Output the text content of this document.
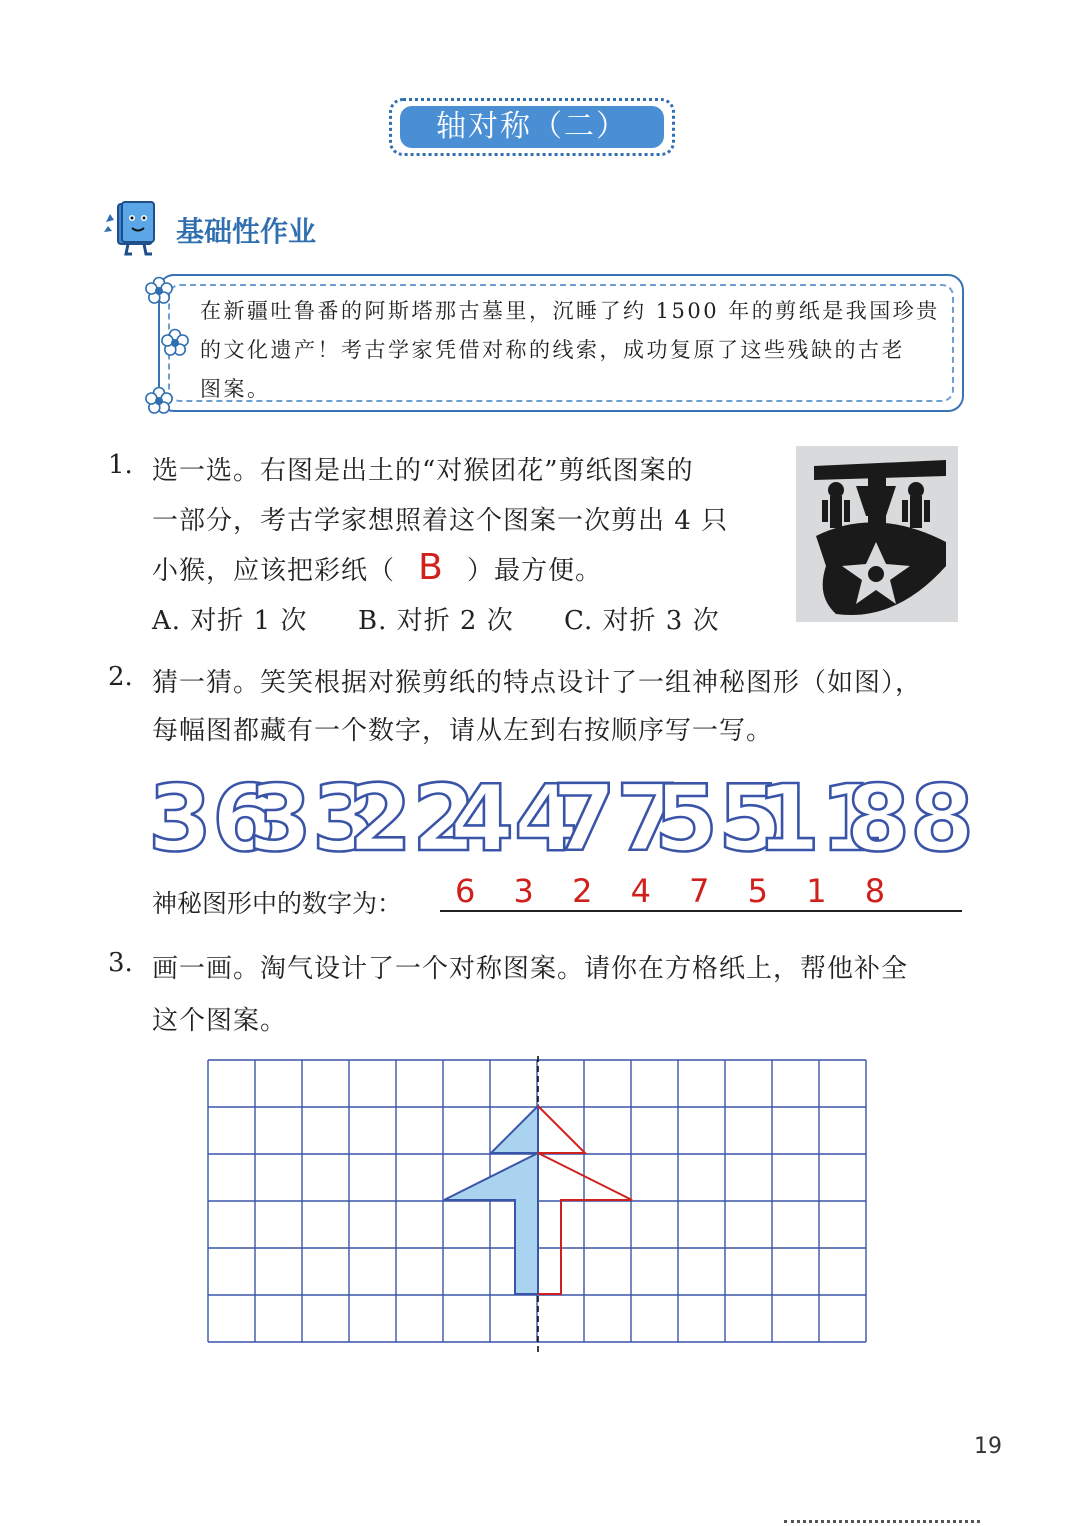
轴对称（二）
基础性作业
在新疆吐鲁番的阿斯塔那古墓里，沉睡了约 1500 年的剪纸是我国珍贵
的文化遗产！考古学家凭借对称的线索，成功复原了这些残缺的古老
图案。
1. 选一选。右图是出土的“对猴团花”剪纸图案的
一部分，考古学家想照着这个图案一次剪出 4 只
小猴，应该把彩纸（ B ）最方便。
A. 对折 1 次 B. 对折 2 次 C. 对折 3 次
2. 猜一猜。笑笑根据对猴剪纸的特点设计了一组神秘图形（如图），
每幅图都藏有一个数字，请从左到右按顺序写一写。
36
33
22
44
77
55
11
88
神秘图形中的数字为： 6 3 2 4 7 5 1 8
3. 画一画。淘气设计了一个对称图案。请你在方格纸上，帮他补全
这个图案。
19
